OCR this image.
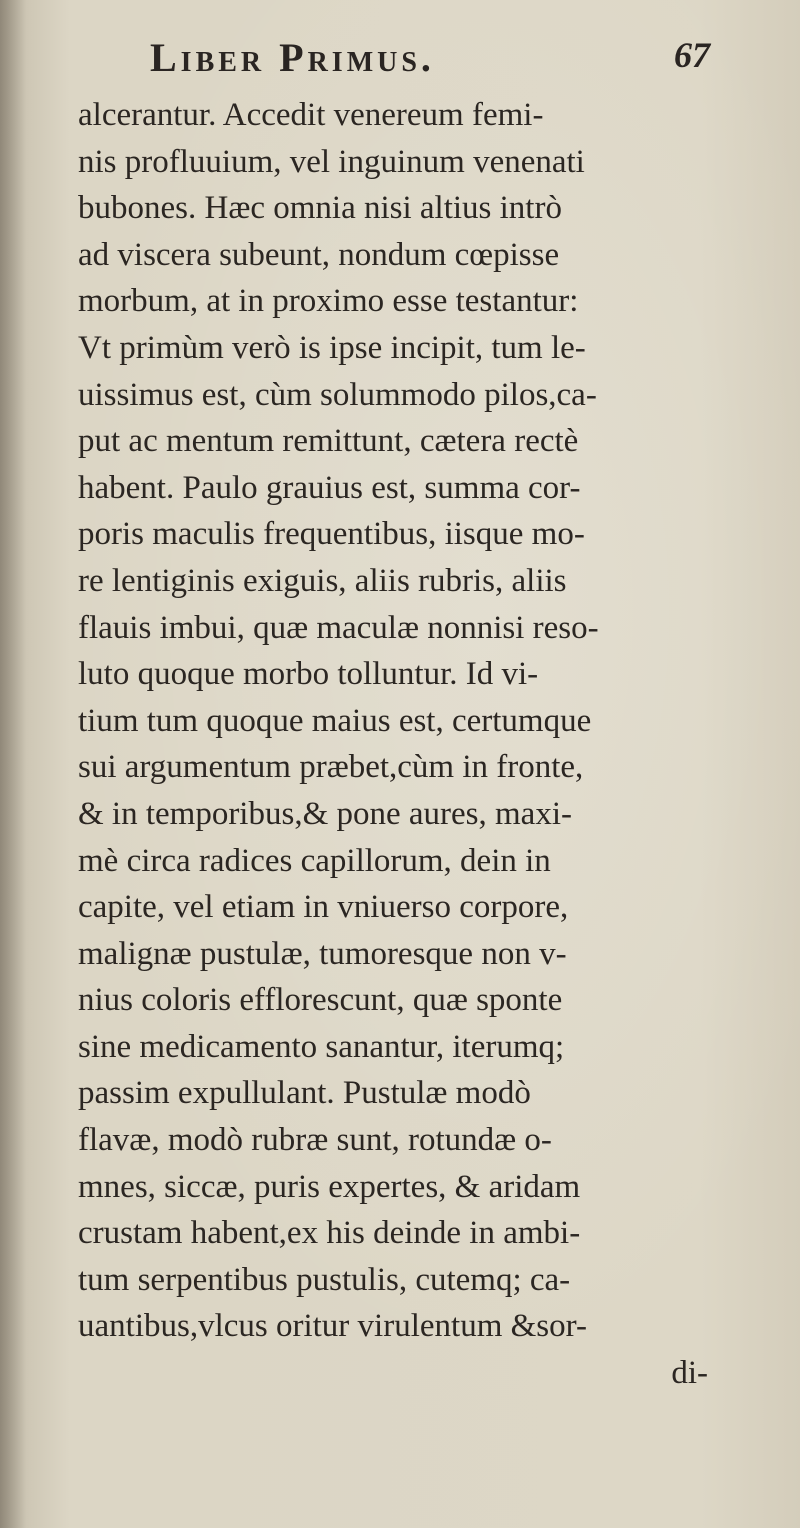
Liber Primus.	67
alcerantur. Accedit venereum femi-
nis profluuium, vel inguinum venenati
bubones. Hæc omnia nisi altius intrò
ad viscera subeunt, nondum cœpisse
morbum, at in proximo esse testantur:
Vt primùm verò is ipse incipit, tum le-
uissimus est, cùm solummodo pilos,ca-
put ac mentum remittunt, cætera rectè
habent. Paulo grauius est, summa cor-
poris maculis frequentibus, iisque mo-
re lentiginis exiguis, aliis rubris, aliis
flauis imbui, quæ maculæ nonnisi reso-
luto quoque morbo tolluntur. Id vi-
tium tum quoque maius est, certumque
sui argumentum præbet,cùm in fronte,
& in temporibus,& pone aures, maxi-
mè circa radices capillorum, dein in
capite, vel etiam in vniuerso corpore,
malignæ pustulæ, tumoresque non v-
nius coloris efflorescunt, quæ sponte
sine medicamento sanantur, iterumq;
passim expullulant. Pustulæ modò
flavæ, modò rubræ sunt, rotundæ o-
mnes, siccæ, puris expertes, & aridam
crustam habent,ex his deinde in ambi-
tum serpentibus pustulis, cutemq; ca-
uantibus,vlcus oritur virulentum &sor-
di-
